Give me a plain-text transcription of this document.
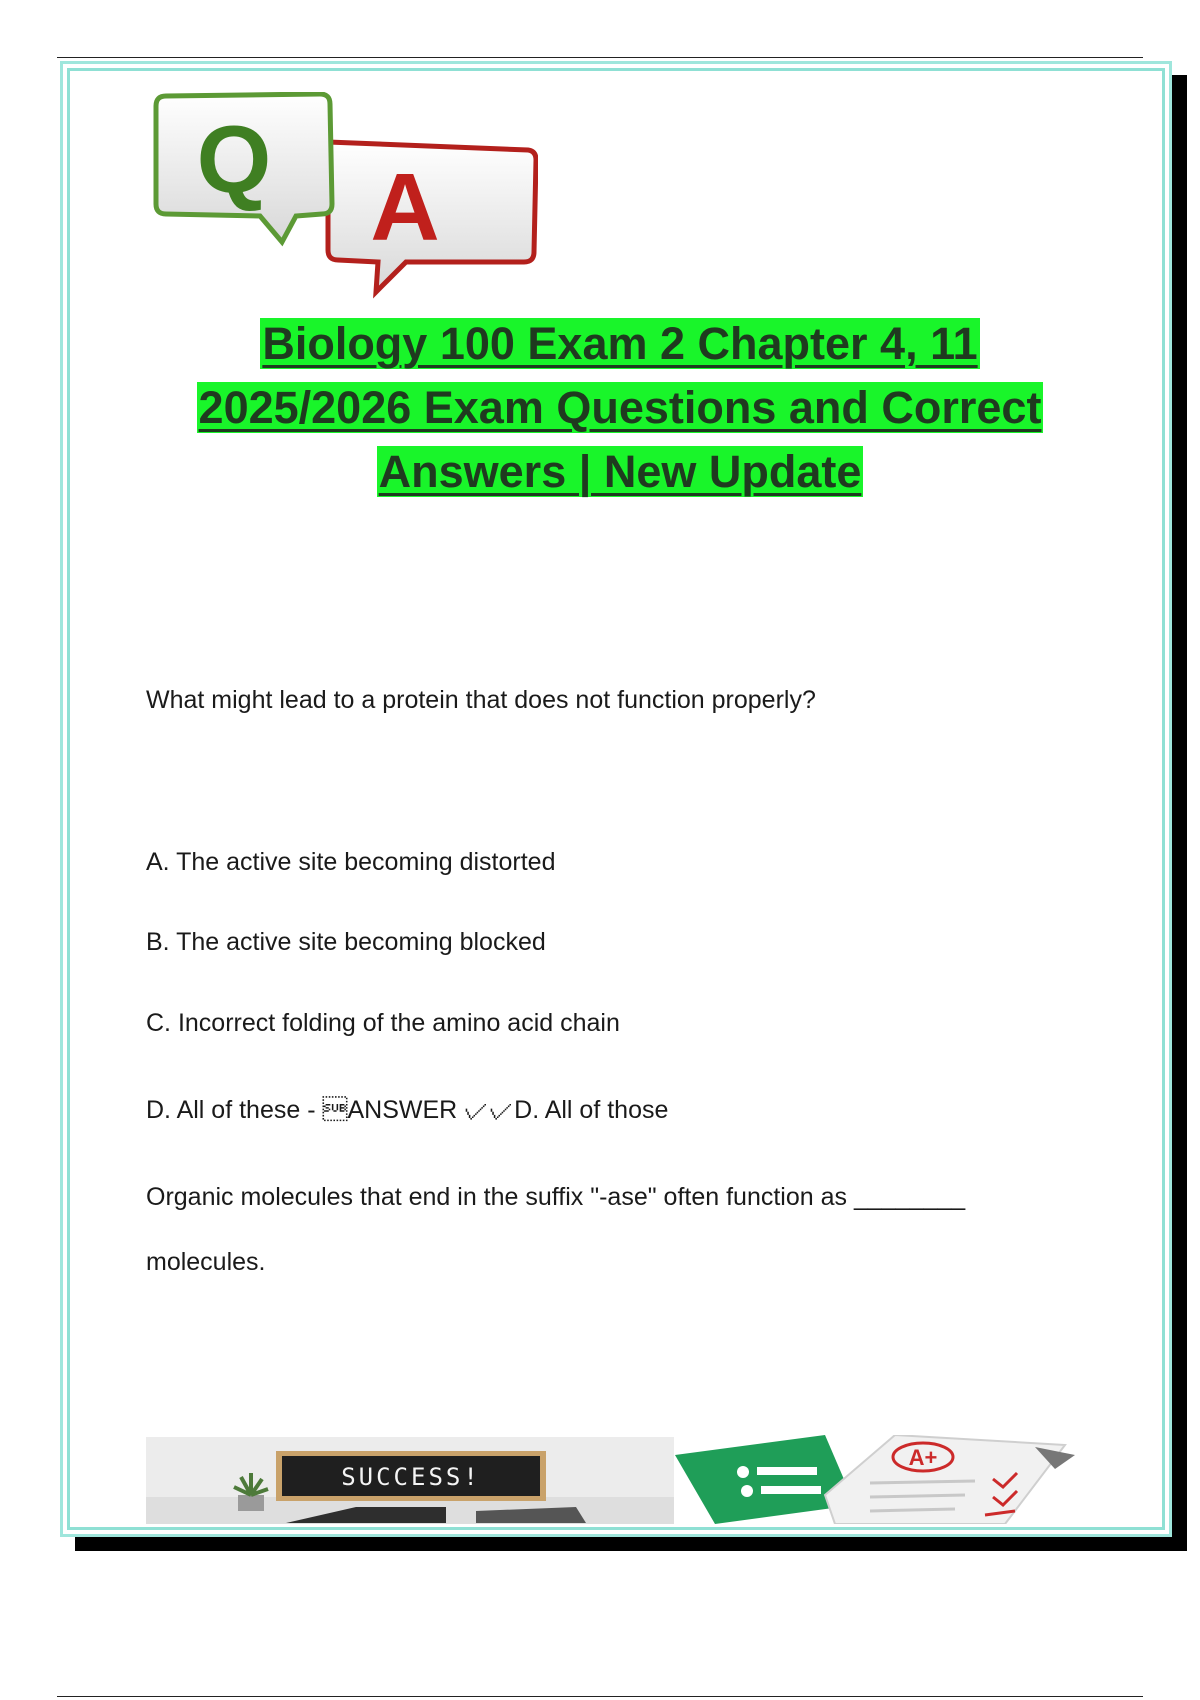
Q A
Biology 100 Exam 2 Chapter 4, 11
2025/2026 Exam Questions and Correct
Answers | New Update
What might lead to a protein that does not function properly?
A. The active site becoming distorted
B. The active site becoming blocked
C. Incorrect folding of the amino acid chain
D. All of these - ANSWER ✓✓D. All of those
Organic molecules that end in the suffix "-ase" often function as ________
molecules.
SUCCESS!
A+
